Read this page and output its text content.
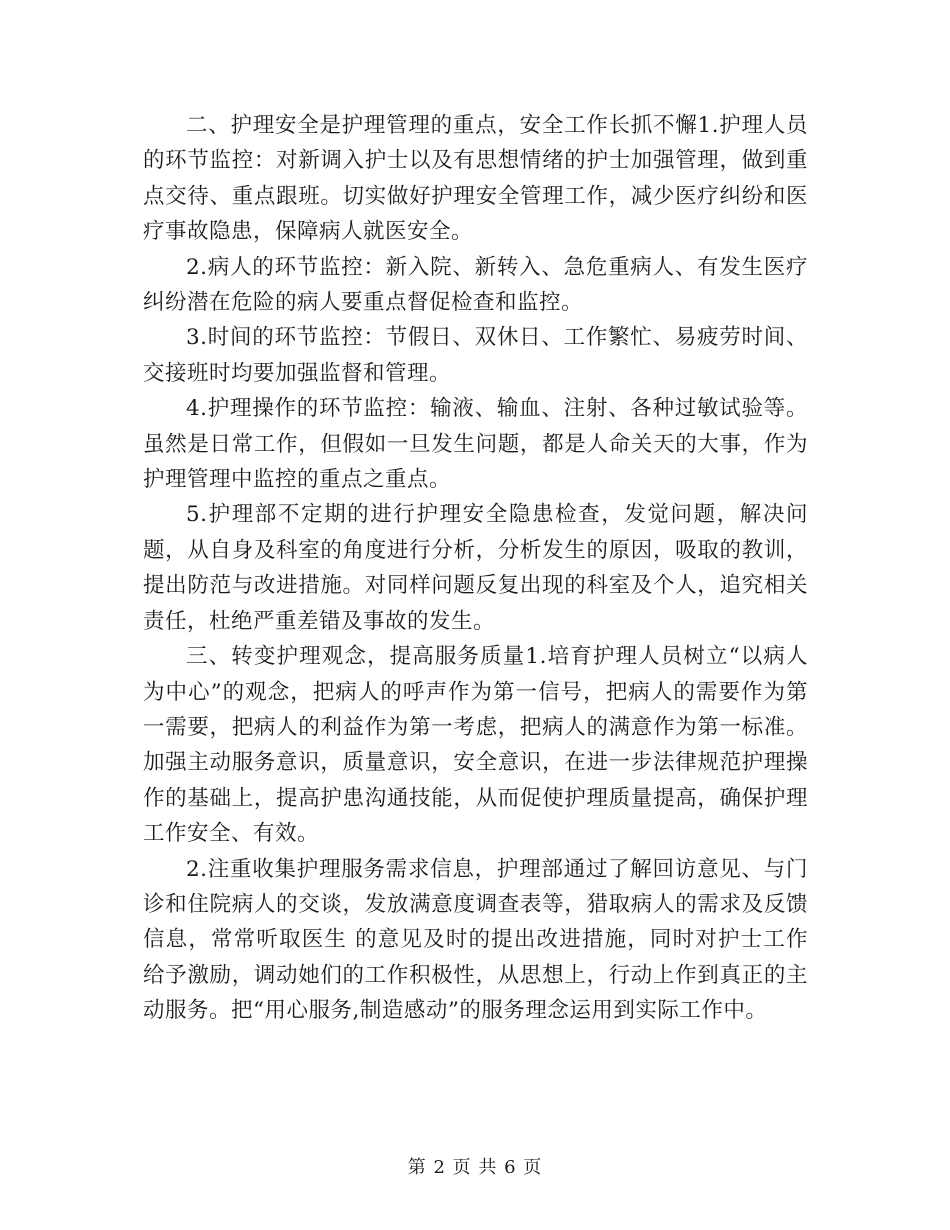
二、护理安全是护理管理的重点，安全工作长抓不懈1.护理人员的环节监控：对新调入护士以及有思想情绪的护士加强管理，做到重点交待、重点跟班。切实做好护理安全管理工作，减少医疗纠纷和医疗事故隐患，保障病人就医安全。

2.病人的环节监控：新入院、新转入、急危重病人、有发生医疗纠纷潜在危险的病人要重点督促检查和监控。

3.时间的环节监控：节假日、双休日、工作繁忙、易疲劳时间、交接班时均要加强监督和管理。

4.护理操作的环节监控：输液、输血、注射、各种过敏试验等。虽然是日常工作，但假如一旦发生问题，都是人命关天的大事，作为护理管理中监控的重点之重点。

5.护理部不定期的进行护理安全隐患检查，发觉问题，解决问题，从自身及科室的角度进行分析，分析发生的原因，吸取的教训，提出防范与改进措施。对同样问题反复出现的科室及个人，追究相关责任，杜绝严重差错及事故的发生。

三、转变护理观念，提高服务质量1.培育护理人员树立“以病人为中心”的观念，把病人的呼声作为第一信号，把病人的需要作为第一需要，把病人的利益作为第一考虑，把病人的满意作为第一标准。加强主动服务意识，质量意识，安全意识，在进一步法律规范护理操作的基础上，提高护患沟通技能，从而促使护理质量提高，确保护理工作安全、有效。

2.注重收集护理服务需求信息，护理部通过了解回访意见、与门诊和住院病人的交谈，发放满意度调查表等，猎取病人的需求及反馈信息，常常听取医生 的意见及时的提出改进措施，同时对护士工作给予激励，调动她们的工作积极性，从思想上，行动上作到真正的主动服务。把“用心服务,制造感动”的服务理念运用到实际工作中。

第 2 页 共 6 页
